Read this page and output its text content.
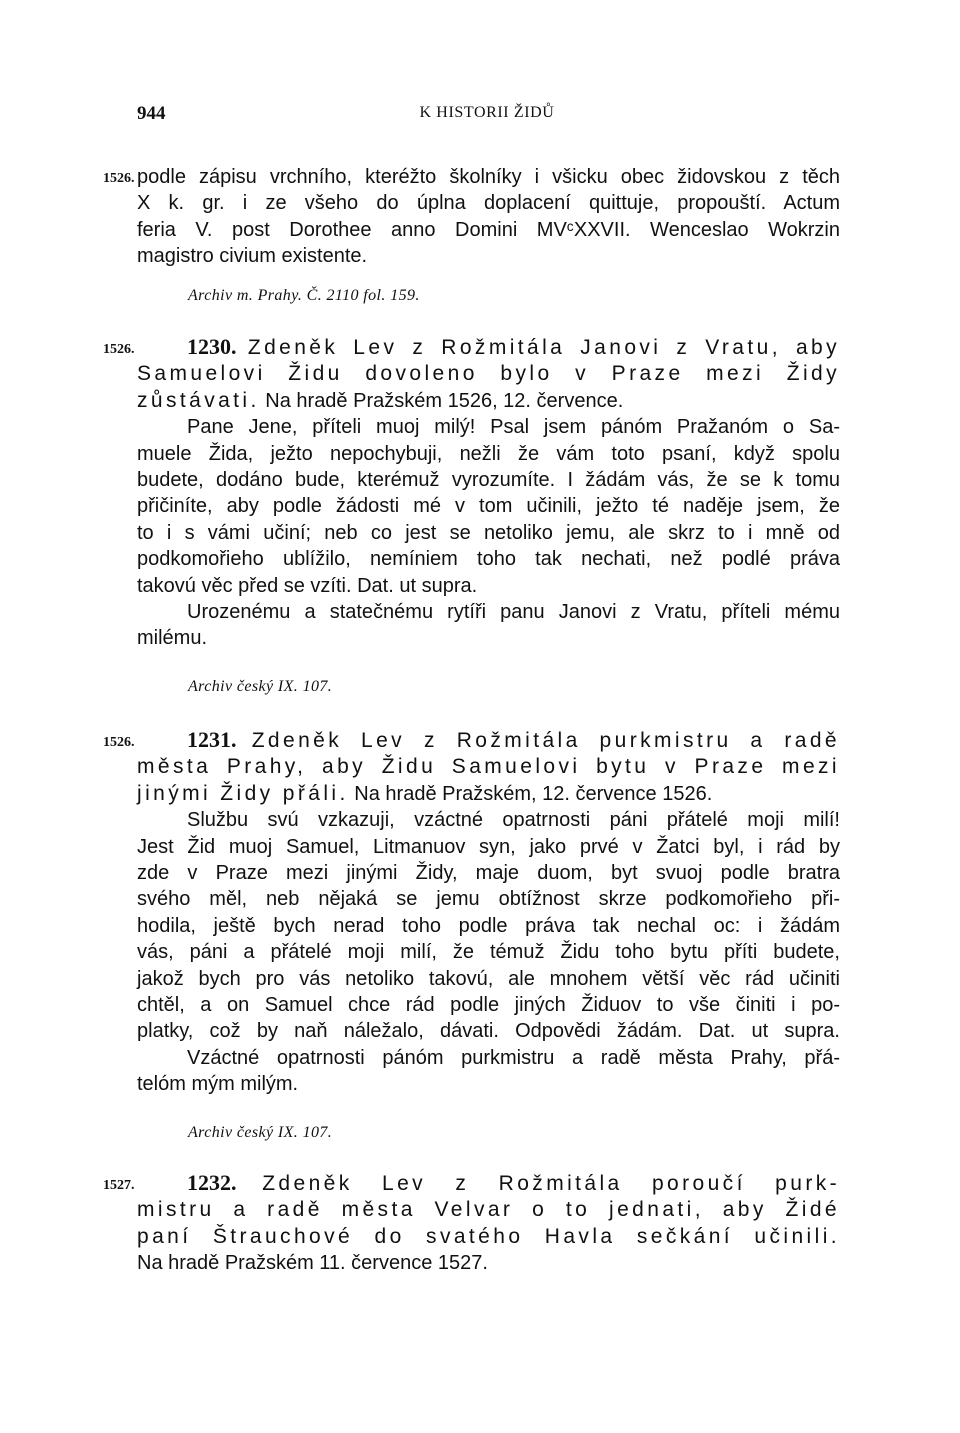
944	K HISTORII ŽIDŮ
1526. podle zápisu vrchního, kteréžto školníky i všicku obec židovskou z těch
X k. gr. i ze všeho do úplna doplacení quittuje, propouští. Actum
feria V. post Dorothee anno Domini MVᶜXXVII. Wenceslao Wokrzin
magistro civium existente.
Archiv m. Prahy. Č. 2110 fol. 159.
1526.	1230. Zdeněk Lev z Rožmitála Janovi z Vratu, aby
Samuelovi Židu dovoleno bylo v Praze mezi Židy
zůstávati. Na hradě Pražském 1526, 12. července.
Pane Jene, příteli muoj milý! Psal jsem pánóm Pražanóm o Sa-
muele Žida, ježto nepochybuji, nežli že vám toto psaní, když spolu
budete, dodáno bude, kterémuž vyrozumíte. I žádám vás, že se k tomu
přičiníte, aby podle žádosti mé v tom učinili, ježto té naděje jsem, že
to i s vámi učiní; neb co jest se netoliko jemu, ale skrz to i mně od
podkomořieho ublížilo, nemíniem toho tak nechati, než podlé práva
takovú věc před se vzíti. Dat. ut supra.
Urozenému a statečnému rytíři panu Janovi z Vratu, příteli mému
milému.
Archiv český IX. 107.
1526.	1231. Zdeněk Lev z Rožmitála purkmistru a radě
města Prahy, aby Židu Samuelovi bytu v Praze mezi
jinými Židy přáli. Na hradě Pražském, 12. července 1526.
Službu svú vzkazuji, vzáctné opatrnosti páni přátelé moji milí!
Jest Žid muoj Samuel, Litmanuov syn, jako prvé v Žatci byl, i rád by
zde v Praze mezi jinými Židy, maje duom, byt svuoj podle bratra
svého měl, neb nějaká se jemu obtížnost skrze podkomořieho při-
hodila, ještě bych nerad toho podle práva tak nechal oc: i žádám
vás, páni a přátelé moji milí, že témuž Židu toho bytu příti budete,
jakož bych pro vás netoliko takovú, ale mnohem větší věc rád učiniti
chtěl, a on Samuel chce rád podle jiných Židuov to vše činiti i po-
platky, což by naň náležalo, dávati. Odpovědi žádám. Dat. ut supra.
Vzáctné opatrnosti pánóm purkmistru a radě města Prahy, přá-
telóm mým milým.
Archiv český IX. 107.
1527.	1232. Zdeněk Lev z Rožmitála poroučí purk-
mistru a radě města Velvar o to jednati, aby Židé
paní Štrauchové do svatého Havla sečkání učinili.
Na hradě Pražském 11. července 1527.
